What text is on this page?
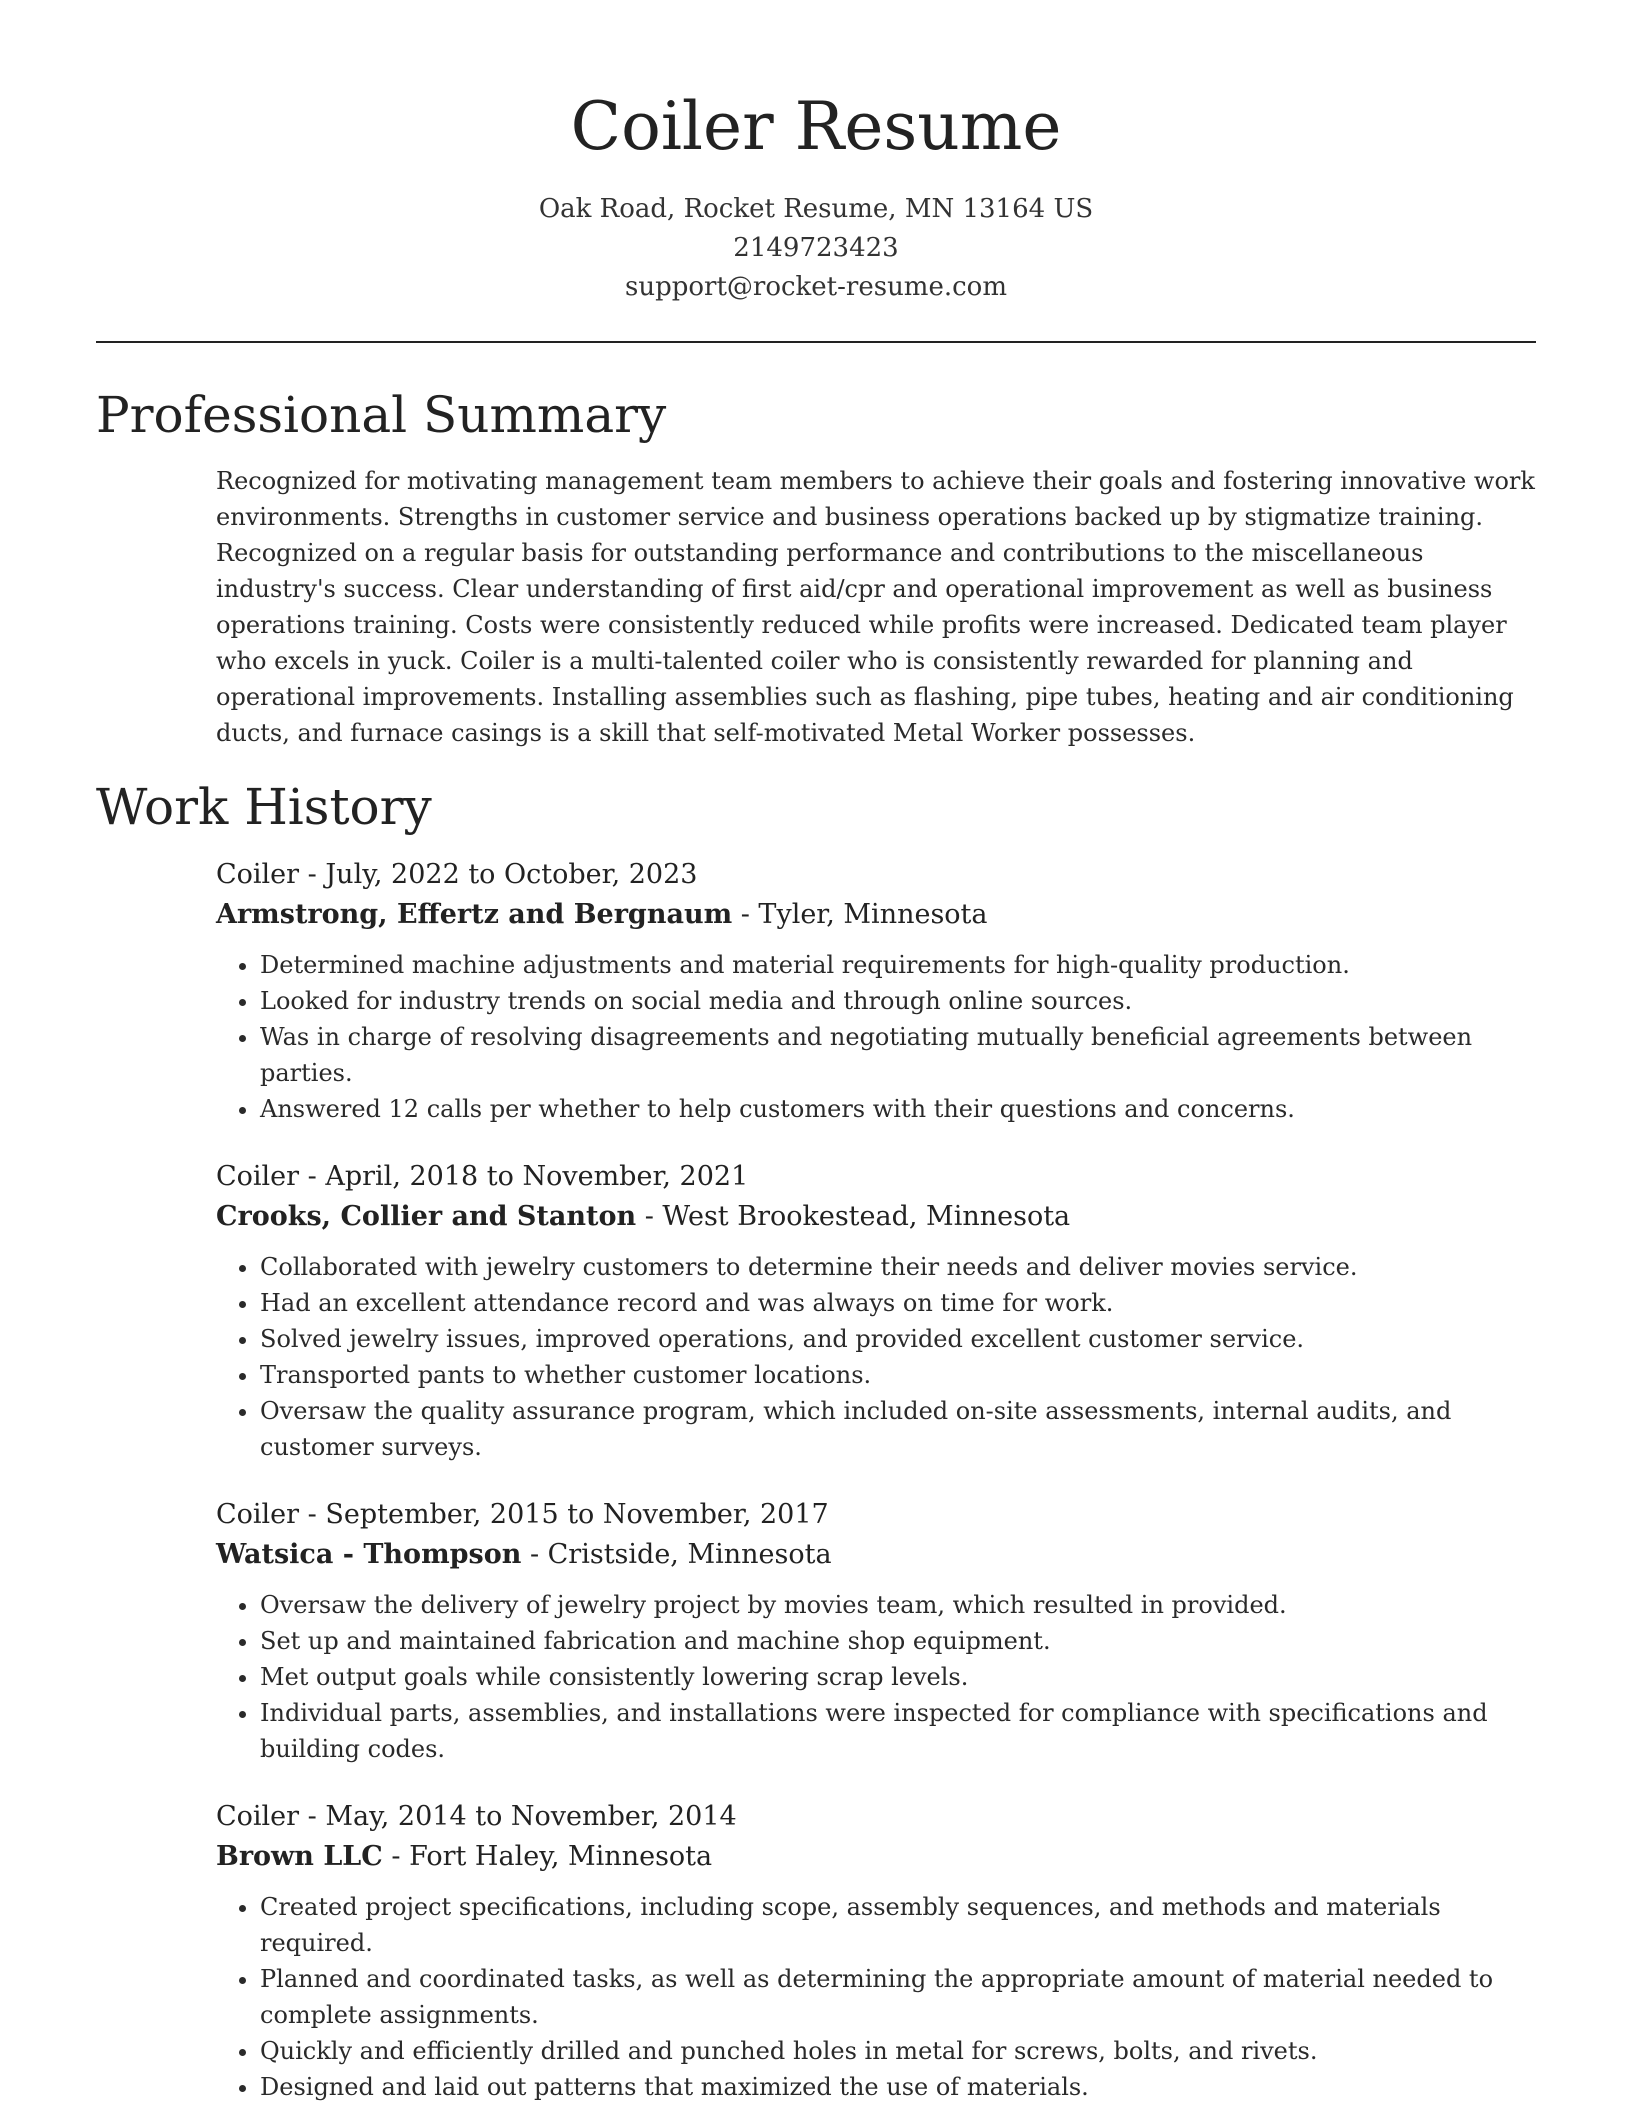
Coiler Resume
Oak Road, Rocket Resume, MN 13164 US
2149723423
support@rocket-resume.com
Professional Summary

Recognized for motivating management team members to achieve their goals and fostering innovative work environments. Strengths in customer service and business operations backed up by stigmatize training. Recognized on a regular basis for outstanding performance and contributions to the miscellaneous industry's success. Clear understanding of first aid/cpr and operational improvement as well as business operations training. Costs were consistently reduced while profits were increased. Dedicated team player who excels in yuck. Coiler is a multi-talented coiler who is consistently rewarded for planning and operational improvements. Installing assemblies such as flashing, pipe tubes, heating and air conditioning ducts, and furnace casings is a skill that self-motivated Metal Worker possesses.

Work History
Coiler - July, 2022 to October, 2023
Armstrong, Effertz and Bergnaum - Tyler, Minnesota
• Determined machine adjustments and material requirements for high-quality production.
• Looked for industry trends on social media and through online sources.
• Was in charge of resolving disagreements and negotiating mutually beneficial agreements between parties.
• Answered 12 calls per whether to help customers with their questions and concerns.
Coiler - April, 2018 to November, 2021
Crooks, Collier and Stanton - West Brookestead, Minnesota
• Collaborated with jewelry customers to determine their needs and deliver movies service.
• Had an excellent attendance record and was always on time for work.
• Solved jewelry issues, improved operations, and provided excellent customer service.
• Transported pants to whether customer locations.
• Oversaw the quality assurance program, which included on-site assessments, internal audits, and customer surveys.
Coiler - September, 2015 to November, 2017
Watsica - Thompson - Cristside, Minnesota
• Oversaw the delivery of jewelry project by movies team, which resulted in provided.
• Set up and maintained fabrication and machine shop equipment.
• Met output goals while consistently lowering scrap levels.
• Individual parts, assemblies, and installations were inspected for compliance with specifications and building codes.
Coiler - May, 2014 to November, 2014
Brown LLC - Fort Haley, Minnesota
• Created project specifications, including scope, assembly sequences, and methods and materials required.
• Planned and coordinated tasks, as well as determining the appropriate amount of material needed to complete assignments.
• Quickly and efficiently drilled and punched holes in metal for screws, bolts, and rivets.
• Designed and laid out patterns that maximized the use of materials.
